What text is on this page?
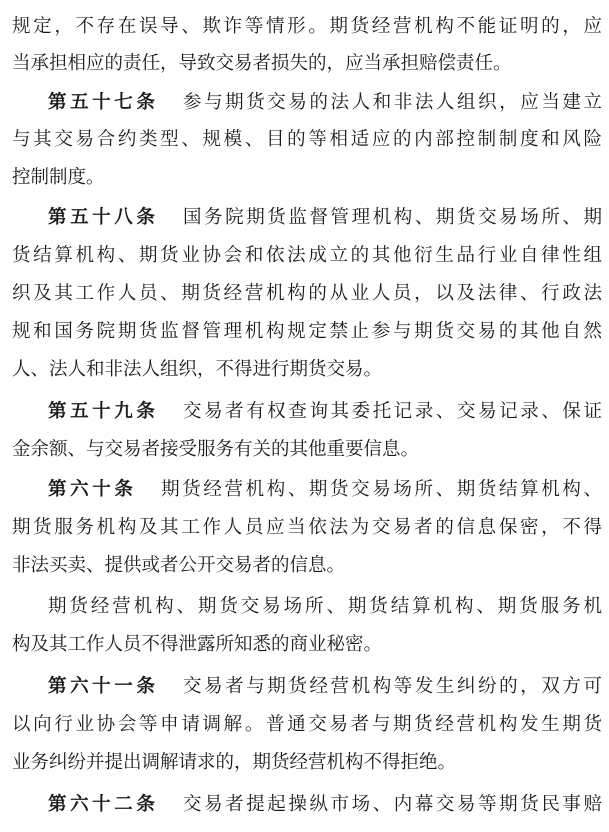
规定，不存在误导、欺诈等情形。期货经营机构不能证明的，应
当承担相应的责任，导致交易者损失的，应当承担赔偿责任。
第五十七条 参与期货交易的法人和非法人组织，应当建立
与其交易合约类型、规模、目的等相适应的内部控制制度和风险
控制制度。
第五十八条 国务院期货监督管理机构、期货交易场所、期
货结算机构、期货业协会和依法成立的其他衍生品行业自律性组
织及其工作人员、期货经营机构的从业人员，以及法律、行政法
规和国务院期货监督管理机构规定禁止参与期货交易的其他自然
人、法人和非法人组织，不得进行期货交易。
第五十九条 交易者有权查询其委托记录、交易记录、保证
金余额、与交易者接受服务有关的其他重要信息。
第六十条 期货经营机构、期货交易场所、期货结算机构、
期货服务机构及其工作人员应当依法为交易者的信息保密，不得
非法买卖、提供或者公开交易者的信息。
期货经营机构、期货交易场所、期货结算机构、期货服务机
构及其工作人员不得泄露所知悉的商业秘密。
第六十一条 交易者与期货经营机构等发生纠纷的，双方可
以向行业协会等申请调解。普通交易者与期货经营机构发生期货
业务纠纷并提出调解请求的，期货经营机构不得拒绝。
第六十二条 交易者提起操纵市场、内幕交易等期货民事赔
